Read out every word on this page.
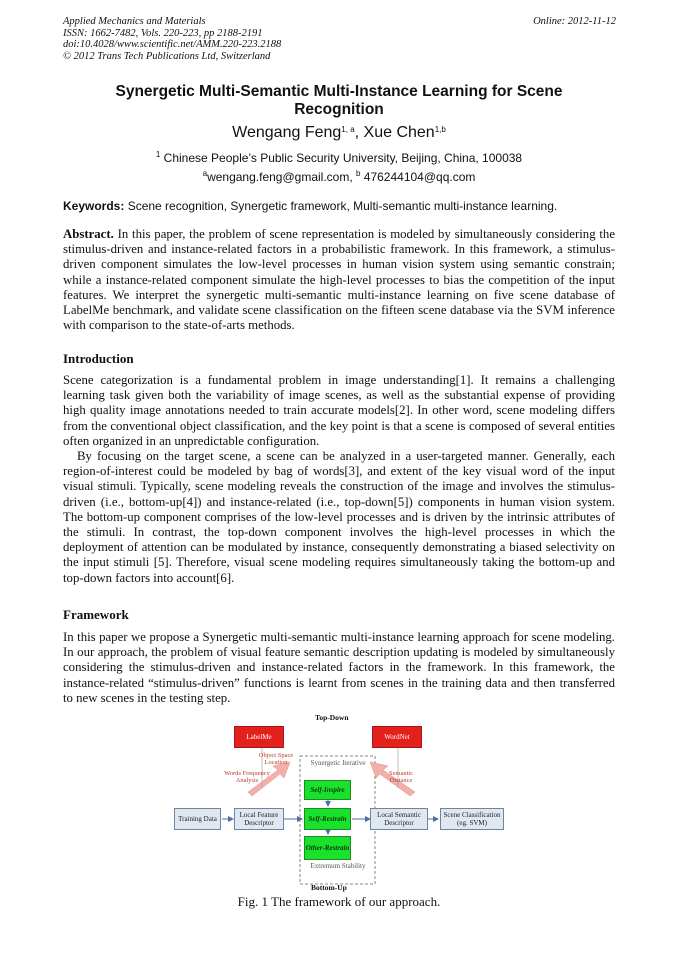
Applied Mechanics and Materials
ISSN: 1662-7482, Vols. 220-223, pp 2188-2191
doi:10.4028/www.scientific.net/AMM.220-223.2188
© 2012 Trans Tech Publications Ltd, Switzerland
Online: 2012-11-12
Synergetic Multi-Semantic Multi-Instance Learning for Scene
Recognition
Wengang Feng$^{1, a}$, Xue Chen$^{1,b}$
$^1$ Chinese People’s Public Security University, Beijing, China, 100038
$^a$wengang.feng@gmail.com, $^b$ 476244104@qq.com
Keywords: Scene recognition, Synergetic framework, Multi-semantic multi-instance learning.
Abstract. In this paper, the problem of scene representation is modeled by simultaneously considering the stimulus-driven and instance-related factors in a probabilistic framework. In this framework, a stimulus-driven component simulates the low-level processes in human vision system using semantic constrain; while a instance-related component simulate the high-level processes to bias the competition of the input features. We interpret the synergetic multi-semantic multi-instance learning on five scene database of LabelMe benchmark, and validate scene classification on the fifteen scene database via the SVM inference with comparison to the state-of-arts methods.
Introduction
Scene categorization is a fundamental problem in image understanding[1]. It remains a challenging learning task given both the variability of image scenes, as well as the substantial expense of providing high quality image annotations needed to train accurate models[2]. In other word, scene modeling differs from the conventional object classification, and the key point is that a scene is composed of several entities often organized in an unpredictable configuration.
By focusing on the target scene, a scene can be analyzed in a user-targeted manner. Generally, each region-of-interest could be modeled by bag of words[3], and extent of the key visual word of the input visual stimuli. Typically, scene modeling reveals the construction of the image and involves the stimulus-driven (i.e., bottom-up[4]) and instance-related (i.e., top-down[5]) components in human vision system. The bottom-up component comprises of the low-level processes and is driven by the intrinsic attributes of the stimuli. In contrast, the top-down component involves the high-level processes in which the deployment of attention can be modulated by instance, consequently demonstrating a biased selectivity on the input stimuli [5]. Therefore, visual scene modeling requires simultaneously taking the bottom-up and top-down factors into account[6].
Framework
In this paper we propose a Synergetic multi-semantic multi-instance learning approach for scene modeling. In our approach, the problem of visual feature semantic description updating is modeled by simultaneously considering the stimulus-driven and instance-related factors in the framework. In this framework, the instance-related “stimulus-driven” functions is learnt from scenes in the training data and then transferred to new scenes in the testing step.
Top-Down
Bottom-Up
LabelMe	WordNet
Object Space Location
Words Frequency Analysis
Semantic Distance
Synergetic Iterative
Self-Inspire
Self-Restrain
Other-Restrain
Extremum Stability
Training Data	Local Feature Descriptor
Local Semantic Descriptor
Scene Classification (eg. SVM)
Fig. 1 The framework of our approach.
